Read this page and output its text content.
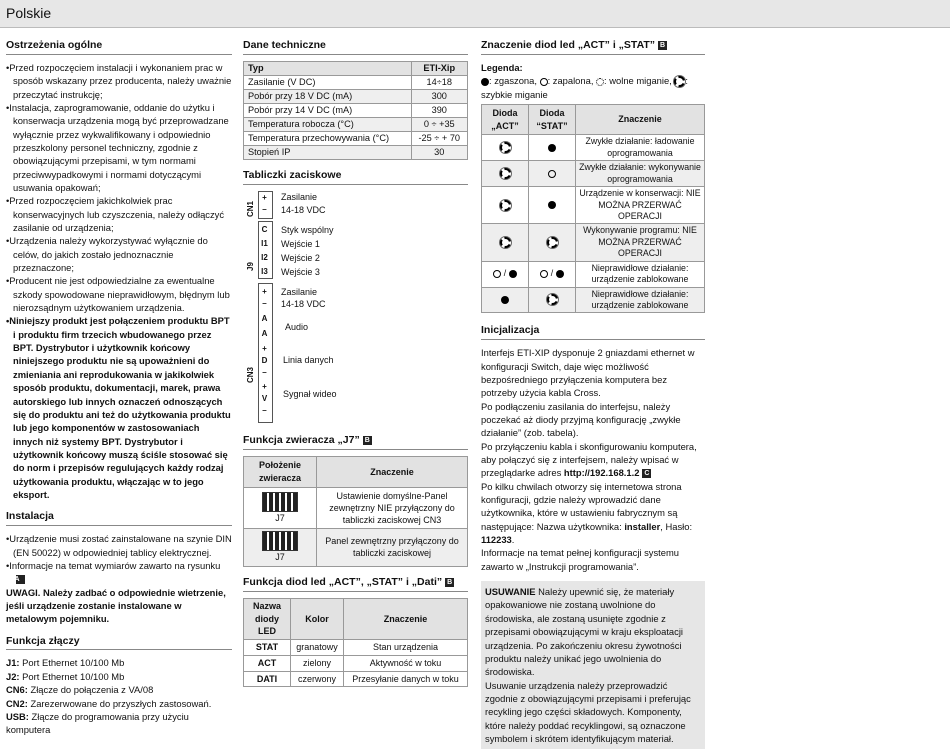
Polskie
Ostrzeżenia ogólne

• Przed rozpoczęciem instalacji i wykonaniem prac w sposób wskazany przez producenta, należy uważnie przeczytać instrukcję;

• Instalacja, zaprogramowanie, oddanie do użytku i konserwacja urządzenia mogą być przeprowadzane wyłącznie przez wykwalifikowany i odpowiednio przeszkolony personel techniczny, zgodnie z obowiązującymi przepisami, w tym normami przeciwwypadkowymi i normami dotyczącymi usuwania opakowań;

• Przed rozpoczęciem jakichkolwiek prac konserwacyjnych lub czyszczenia, należy odłączyć zasilanie od urządzenia;

• Urządzenia należy wykorzystywać wyłącznie do celów, do jakich zostało jednoznacznie przeznaczone;

• Producent nie jest odpowiedzialne za ewentualne szkody spowodowane nieprawidłowym, błędnym lub nierozsądnym użytkowaniem urządzenia.

• Niniejszy produkt jest połączeniem produktu BPT i produktu firm trzecich wbudowanego przez BPT. Dystrybutor i użytkownik końcowy niniejszego produktu nie są upoważnieni do zmieniania ani reprodukowania w jakikolwiek sposób produktu, dokumentacji, marek, prawa autorskiego lub innych oznaczeń odnoszących się do produktu ani też do użytkowania produktu lub jego komponentów w zastosowaniach innych niż systemy BPT. Dystrybutor i użytkownik końcowy muszą ściśle stosować się do norm i przepisów regulujących każdy rodzaj użytkowania produktu, włączając w to jego eksport.

Instalacja

• Urządzenie musi zostać zainstalowane na szynie DIN (EN 50022) w odpowiedniej tablicy elektrycznej.

• Informacje na temat wymiarów zawarto na rysunkuA

UWAGI. Należy zadbać o odpowiednie wietrzenie, jeśli urządzenie zostanie instalowane w metalowym pojemniku.

Funkcja złączy

J1: Port Ethernet 10/100 Mb

J2: Port Ethernet 10/100 Mb

CN6: Złącze do połączenia z VA/08

CN2: Zarezerwowane do przyszłych zastosowań.

USB: Złącze do programowania przy użyciu komputera

Dane techniczne
Typ	ETI-Xip
Zasilanie (V DC)	14÷18
Pobór przy 18 V DC (mA)	300
Pobór przy 14 V DC (mA)	390
Temperatura robocza (°C)	0 ÷ +35
Temperatura przechowywania (°C)	-25 ÷ + 70
Stopień IP	30
Tabliczki zaciskowe
CN1
+
–
Zasilanie
14-18 VDC
J9
C
I1
I2
I3
Styk wspólny
Wejście 1
Wejście 2
Wejście 3
CN3
+
–
A
A
+
D
–
+
V
–
Zasilanie
14-18 VDC
Audio
Linia danych
Sygnał wideo
Funkcja zwieracza „J7” B
Położenie zwieracza	Znaczenie

J7	Ustawienie domyślne-Panel zewnętrzny NIE przyłączony do tabliczki zaciskowej CN3

J7	Panel zewnętrzny przyłączony do tabliczki zaciskowej
Funkcja diod led „ACT”, „STAT” i „Dati” B
Nazwa diody LED	Kolor	Znaczenie
STAT	granatowy	Stan urządzenia
ACT	zielony	Aktywność w toku
DATI	czerwony	Przesyłanie danych w toku
Znaczenie diod led „ACT” i „STAT” B

Legenda:

: zgaszona, : zapalona, : wolne miganie, : szybkie miganie

Dioda „ACT”	Dioda “STAT”	Znaczenie
		Zwykłe działanie: ładowanie oprogramowania
		Zwykłe działanie: wykonywanie oprogramowania
		Urządzenie w konserwacji: NIE MOŻNA PRZERWAĆ OPERACJI
		Wykonywanie programu: NIE MOŻNA PRZERWAĆ OPERACJI
/	/	Nieprawidłowe działanie: urządzenie zablokowane
		Nieprawidłowe działanie: urządzenie zablokowane
Inicjalizacja

Interfejs ETI-XIP dysponuje 2 gniazdami ethernet w konfiguracji Switch, daje więc możliwość bezpośredniego przyłączenia komputera bez potrzeby użycia kabla Cross.

Po podłączeniu zasilania do interfejsu, należy poczekać aż diody przyjmą konfigurację „zwykłe działanie” (zob. tabela).

Po przyłączeniu kabla i skonfigurowaniu komputera, aby połączyć się z interfejsem, należy wpisać w przeglądarke adres http://192.168.1.2 C

Po kilku chwilach otworzy się internetowa strona konfiguracji, gdzie należy wprowadzić dane użytkownika, które w ustawieniu fabrycznym są następujące: Nazwa użytkownika: installer, Hasło: 112233.

Informacje na temat pełnej konfiguracji systemu zawarto w „Instrukcji programowania”.

USUWANIE Należy upewnić się, że materiały opakowaniowe nie zostaną uwolnione do środowiska, ale zostaną usunięte zgodnie z przepisami obowiązującymi w kraju eksploatacji urządzenia. Po zakończeniu okresu żywotności produktu należy unikać jego uwolnienia do środowiska.

Usuwanie urządzenia należy przeprowadzić zgodnie z obowiązującymi przepisami i preferując recykling jego części składowych. Komponenty, które należy poddać recyklingowi, są oznaczone symbolem i skrótem identyfikującym materiał.
